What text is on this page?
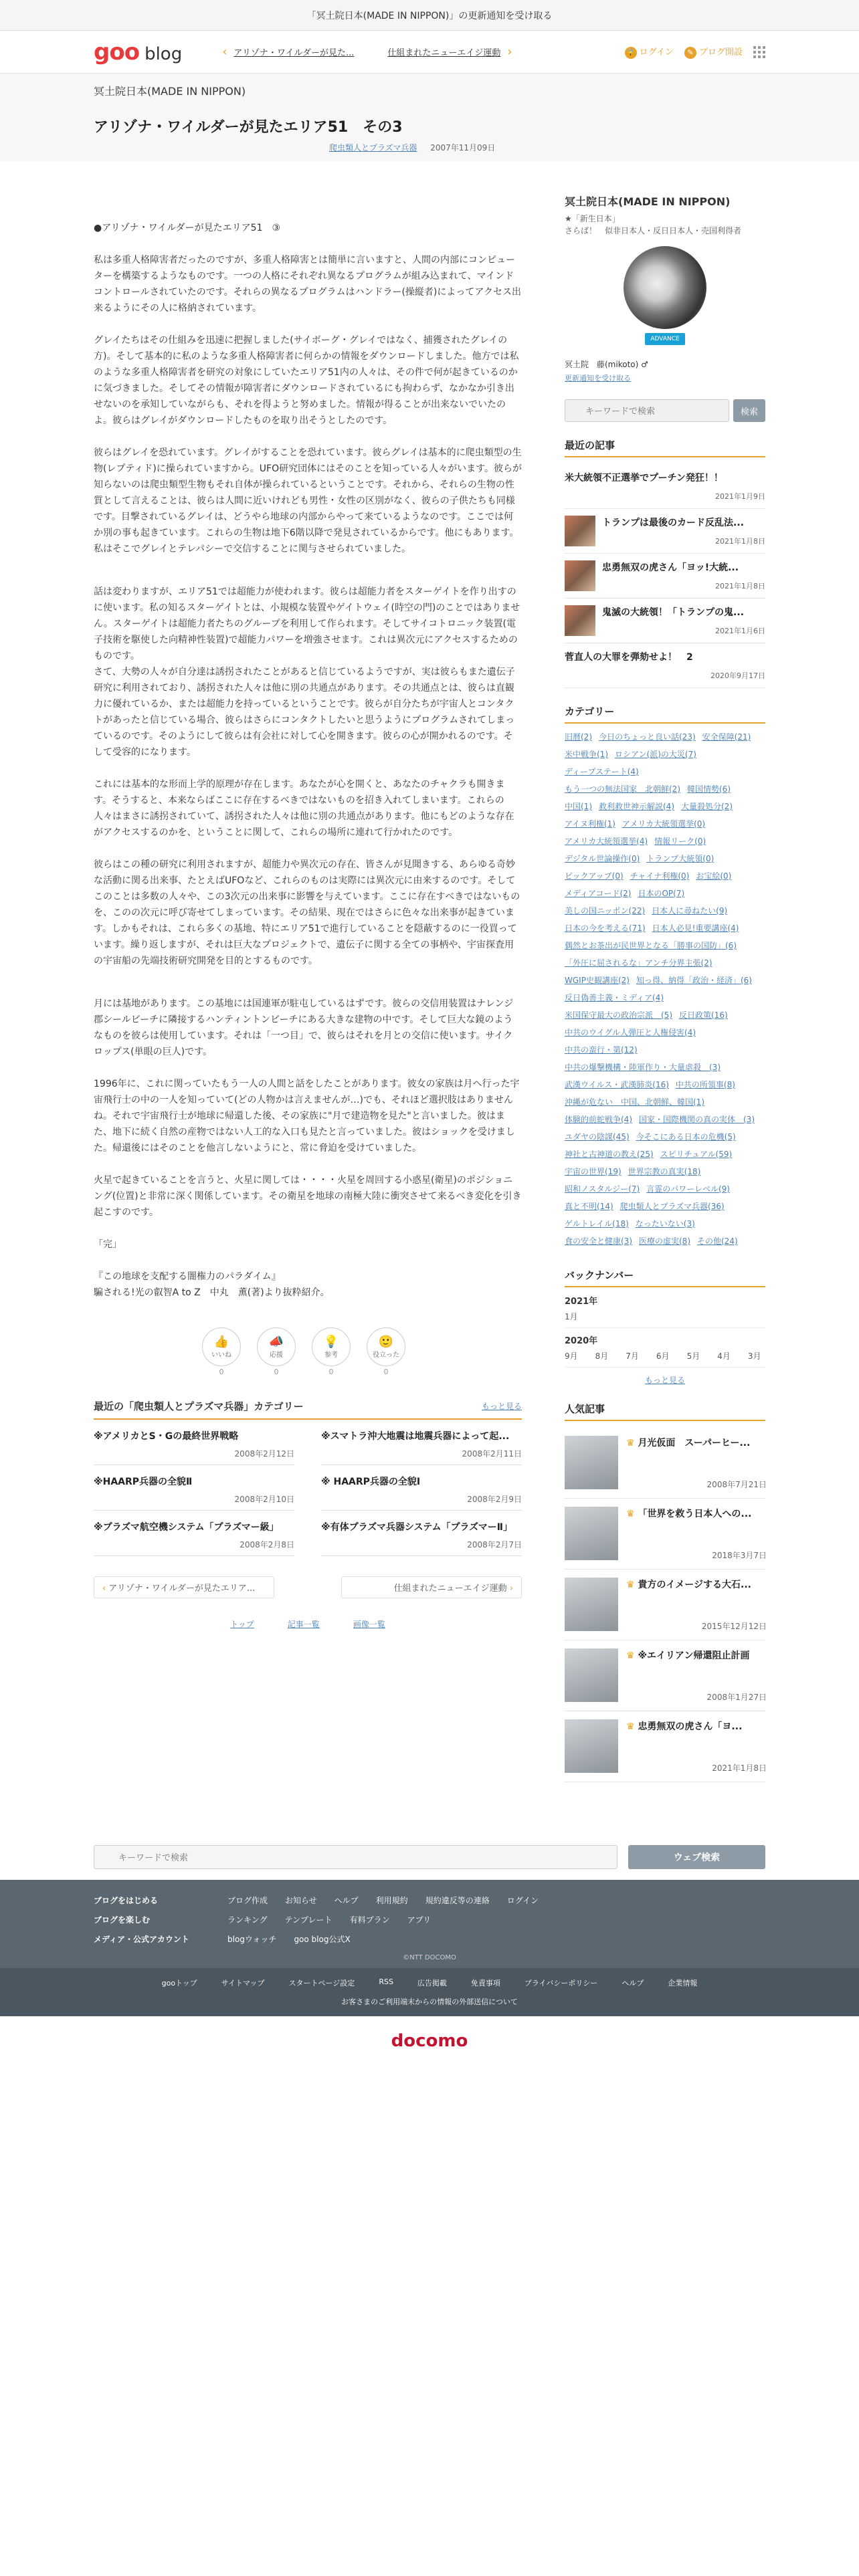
「冥土院日本(MADE IN NIPPON)」の更新通知を受け取る
goo blog	‹ アリゾナ・ワイルダーが見た...	仕組まれたニューエイジ運動 ›	🔒 ログイン	✎ ブログ開設
冥土院日本(MADE IN NIPPON)
アリゾナ・ワイルダーが見たエリア51　その3
爬虫類人とプラズマ兵器 2007年11月09日

●アリゾナ・ワイルダーが見たエリア51　③

私は多重人格障害者だったのですが、多重人格障害とは簡単に言いますと、人間の内部にコンピューターを構築するようなものです。一つの人格にそれぞれ異なるプログラムが組み込まれて、マインドコントロールされていたのです。それらの異なるプログラムはハンドラー(操縦者)によってアクセス出来るようにその人に格納されています。

グレイたちはその仕組みを迅速に把握しました(サイボーグ・グレイではなく、捕獲されたグレイの方)。そして基本的に私のような多重人格障害者に何らかの情報をダウンロードしました。他方では私のような多重人格障害者を研究の対象にしていたエリア51内の人々は、その件で何が起きているのかに気づきました。そしてその情報が障害者にダウンロードされているにも拘わらず、なかなか引き出せないのを承知していながらも、それを得ようと努めました。情報が得ることが出来ないでいたのよ。彼らはグレイがダウンロードしたものを取り出そうとしたのです。

彼らはグレイを恐れています。グレイがすることを恐れています。彼らグレイは基本的に爬虫類型の生物(レプティド)に操られていますから。UFO研究団体にはそのことを知っている人々がいます。彼らが知らないのは爬虫類型生物もそれ自体が操られているということです。それから、それらの生物の性質として言えることは、彼らは人間に近いけれども男性・女性の区別がなく、彼らの子供たちも同様です。目撃されているグレイは、どうやら地球の内部からやって来ているようなのです。ここでは何か別の事も起きています。これらの生物は地下6階以降で発見されているからです。他にもあります。私はそこでグレイとテレパシーで交信することに関与させられていました。

話は変わりますが、エリア51では超能力が使われます。彼らは超能力者をスターゲイトを作り出すのに使います。私の知るスターゲイトとは、小規模な装置やゲイトウェイ(時空の門)のことではありません。スターゲイトは超能力者たちのグループを利用して作られます。そしてサイコトロニック装置(電子技術を駆使した向精神性装置)で超能力パワーを増強させます。これは異次元にアクセスするためのものです。
さて、大勢の人々が自分達は誘拐されたことがあると信じているようですが、実は彼らもまた遺伝子研究に利用されており、誘拐された人々は他に別の共通点があります。その共通点とは、彼らは直観力に優れているか、または超能力を持っているということです。彼らが自分たちが宇宙人とコンタクトがあったと信じている場合、彼らはさらにコンタクトしたいと思うようにプログラムされてしまっているのです。そのようにして彼らは有会社に対して心を開きます。彼らの心が開かれるのです。そして受容的になります。

これには基本的な形而上学的原理が存在します。あなたが心を開くと、あなたのチャクラも開きます。そうすると、本来ならばここに存在するべきではないものを招き入れてしまいます。これらの人々はまさに誘拐されていて、誘拐された人々は他に別の共通点があります。他にもどのような存在がアクセスするのかを、ということに関して、これらの場所に連れて行かれたのです。

彼らはこの種の研究に利用されますが、超能力や異次元の存在、皆さんが見聞きする、あらゆる奇妙な活動に関る出来事、たとえばUFOなど、これらのものは実際には異次元に由来するのです。そしてこのことは多数の人々や、この3次元の出来事に影響を与えています。ここに存在すべきではないものを、このの次元に呼び寄せてしまっています。その結果、現在ではさらに色々な出来事が起きています。しかもそれは、これら多くの基地、特にエリア51で進行していることを隠蔽するのに一役買っています。繰り返しますが、それは巨大なプロジェクトで、遺伝子に関する全ての事柄や、宇宙探査用の宇宙船の先端技術研究開発を目的とするものです。

月には基地があります。この基地には国連軍が駐屯しているはずです。彼らの交信用装置はナレンジ郡シールビーチに隣接するハンティントンビーチにある大きな建物の中です。そして巨大な鏡のようなものを彼らは使用しています。それは「一つ目」で、彼らはそれを月との交信に使います。サイクロップス(単眼の巨人)です。

1996年に、これに関っていたもう一人の人間と話をしたことがあります。彼女の家族は月へ行った宇宙飛行士の中の一人を知っていて(どの人物かは言えませんが…)でも、それほど選択肢はありませんね。それで宇宙飛行士が地球に帰還した後、その家族に"月で建造物を見た"と言いました。彼はまた、地下に続く自然の産物ではない人工的な入口も見たと言っていました。彼はショックを受けました。帰還後にはそのことを他言しないようにと、常に脅迫を受けていました。

火星で起きていることを言うと、火星に関しては・・・・火星を周回する小惑星(衛星)のポジショニング(位置)と非常に深く関係しています。その衛星を地球の南極大陸に衝突させて来るべき変化を引き起こすのです。

「完」

『この地球を支配する闇権力のパラダイム』
騙される!光の叡智A to Z　中丸　薫(著)より抜粋紹介。

👍
いいね
0
📣
応援
0
💡
参考
0
🙂
役立った
0
最近の「爬虫類人とプラズマ兵器」カテゴリー	もっと見る
※アメリカとS・Gの最終世界戦略
2008年2月12日
※スマトラ沖大地震は地震兵器によって起...
2008年2月11日
※HAARP兵器の全貌Ⅱ
2008年2月10日
※ HAARP兵器の全貌Ⅰ
2008年2月9日
※プラズマ航空機システム「プラズマー級」
2008年2月8日
※有体プラズマ兵器システム「プラズマーⅡ」
2008年2月7日
‹ アリゾナ・ワイルダーが見たエリア...	仕組まれたニューエイジ運動 ›
トップ	記事一覧	画像一覧
冥土院日本(MADE IN NIPPON)
★「新生日本」
さらば！　似非日本人・反日日本人・売国利得者
ADVANCE
冥土院　藤(mikoto) ♂
更新通知を受け取る
キーワードで検索
検索
最近の記事
米大統領不正選挙でプーチン発狂！！
2021年1月9日
トランプは最後のカード反乱法...
2021年1月8日
忠勇無双の虎さん「ヨッ!大統...
2021年1月8日
鬼滅の大統領！「トランプの鬼...
2021年1月6日
菅直人の大罪を弾劾せよ！　2
2020年9月17日
カテゴリー
旧暦(2) 今日のちょっと良い話(23) 安全保障(21)米中戦争(1) ロシアン(派)の大災(7)ディープステート(4)もう一つの無法国家　北朝鮮(2) 韓国情勢(6)中国(1) 救利救世神示解説(4) 大量殺処分(2)アイヌ利権(1) アメリカ大統領選挙(0)アメリカ大統領選挙(4) 情報リーク(0)デジタル世論操作(0) トランプ大統領(0)ピックアップ(0) チャイナ利権(0) お宝絵(0)メディアコード(2) 日本のOP(7)美しの国ニッポン(22) 日本人に尋ねたい(9)日本の今を考える(71) 日本人必見!重要講座(4)偶然とお茶出が民世界となる「勝事の国防」(6)「外圧に屈されるな」アンチ分界主張(2)WGIP史観講座(2) 知っ得、納得「政治・経済」(6)反日偽善主義・ミディア(4)米国保守最大の政治宗派　(5) 反日政策(16)中共のウイグル人弾圧と人権侵害(4)中共の蛮行・第(12)中共の爆撃機構・陸軍作り・大量虐殺　(3)武漢ウイルス・武漢肺炎(16) 中共の所領事(8)沖縄が危ない　中国、北朝鮮、韓国(1)体験的前蛇戦争(4) 国家・国際機関の真の実体　(3)ユダヤの陰謀(45) 今そこにある日本の危機(5)神社と古神道の教え(25) スピリチュアル(59)宇宙の世界(19) 世界宗教の真実(18)昭和ノスタルジー(7) 言霊のパワーレベル(9)真と不明(14) 爬虫類人とプラズマ兵器(36)ゲルトレイル(18) なったいない(3)食の安全と健康(3) 医療の虚実(8) その他(24)
バックナンバー
2021年
1月
2020年
9月 8月 7月 6月 5月 4月 3月
もっと見る
人気記事
♛ 月光仮面　スーパーヒー...
2008年7月21日
♛ 「世界を救う日本人への...
2018年3月7日
♛ 貴方のイメージする大石...
2015年12月12日
♛ ※エイリアン帰還阻止計画
2008年1月27日
♛ 忠勇無双の虎さん「ヨ...
2021年1月8日
キーワードで検索
ウェブ検索
ブログをはじめる	ブログ作成 お知らせ ヘルプ 利用規約 規約違反等の連絡 ログイン
ブログを楽しむ	ランキング テンプレート 有料プラン アプリ
メディア・公式アカウント	blogウォッチ goo blog公式X
©NTT DOCOMO
gooトップ	サイトマップ	スタートページ設定	RSS	広告掲載	免責事項	プライバシーポリシー	ヘルプ	企業情報
お客さまのご利用端末からの情報の外部送信について
docomo
